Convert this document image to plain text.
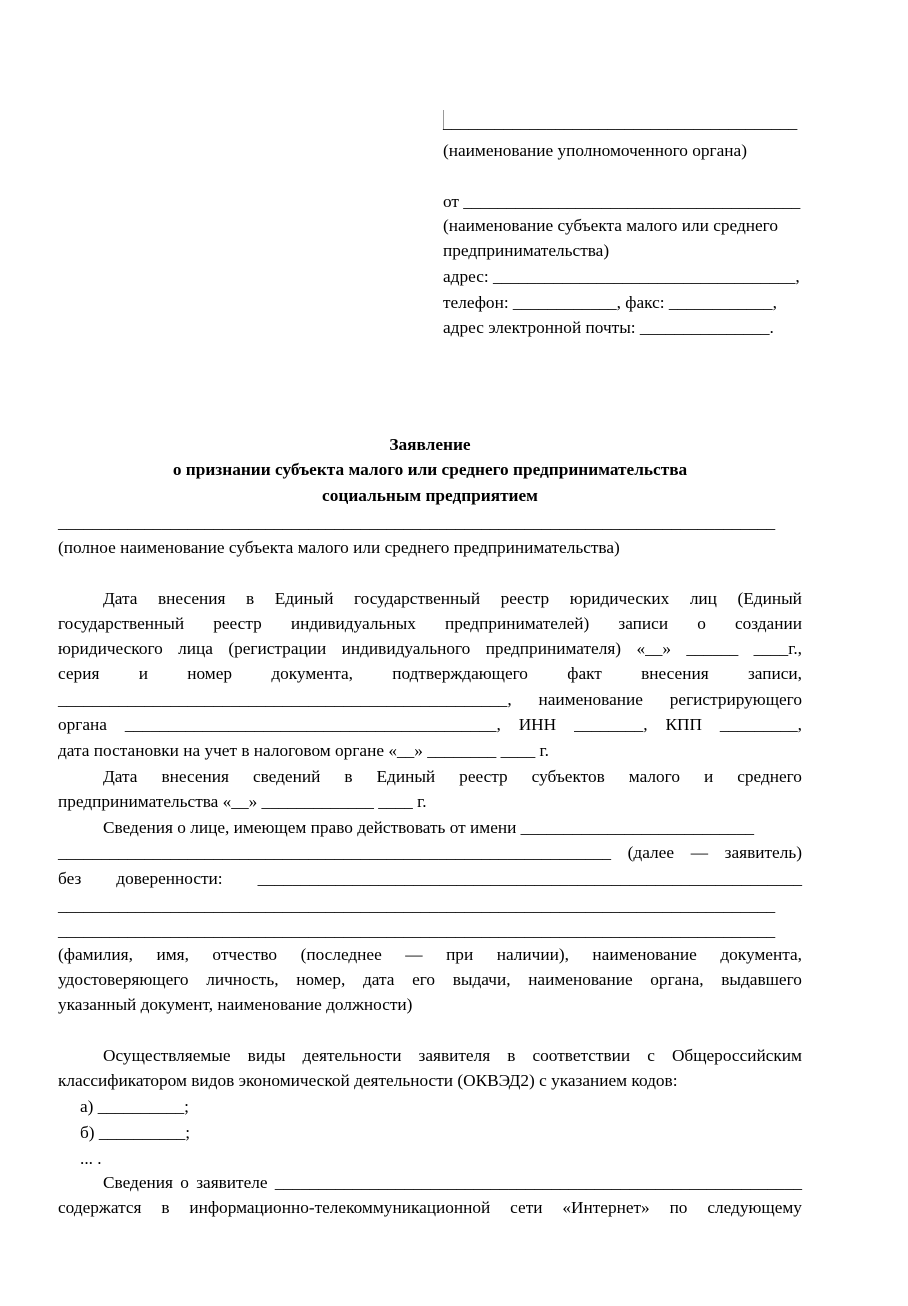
_________________________________________
(наименование уполномоченного органа)
от _______________________________________
(наименование субъекта малого или среднего
предпринимательства)
адрес: ___________________________________,
телефон: ____________, факс: ____________,
адрес электронной почты: _______________.
Заявление
о признании субъекта малого или среднего предпринимательства
социальным предприятием
___________________________________________________________________________________
(полное наименование субъекта малого или среднего предпринимательства)
Дата внесения в Единый государственный реестр юридических лиц (Единый
государственный реестр индивидуальных предпринимателей) записи о создании
юридического лица (регистрации индивидуального предпринимателя) «__» ______ ____г.,
серия и номер документа, подтверждающего факт внесения записи,
____________________________________________________, наименование регистрирующего
органа ___________________________________________, ИНН ________, КПП _________,
дата постановки на учет в налоговом органе «__» ________ ____ г.
Дата внесения сведений в Единый реестр субъектов малого и среднего
предпринимательства «__» _____________ ____ г.
Сведения о лице, имеющем право действовать от имени ___________________________
________________________________________________________________ (далее — заявитель)
без доверенности: _______________________________________________________________
___________________________________________________________________________________
___________________________________________________________________________________
(фамилия, имя, отчество (последнее — при наличии), наименование документа,
удостоверяющего личность, номер, дата его выдачи, наименование органа, выдавшего
указанный документ, наименование должности)
Осуществляемые виды деятельности заявителя в соответствии с Общероссийским
классификатором видов экономической деятельности (ОКВЭД2) с указанием кодов:
а) __________;
б) __________;
... .
Сведения о заявителе _____________________________________________________________
содержатся в информационно-телекоммуникационной сети «Интернет» по следующему
